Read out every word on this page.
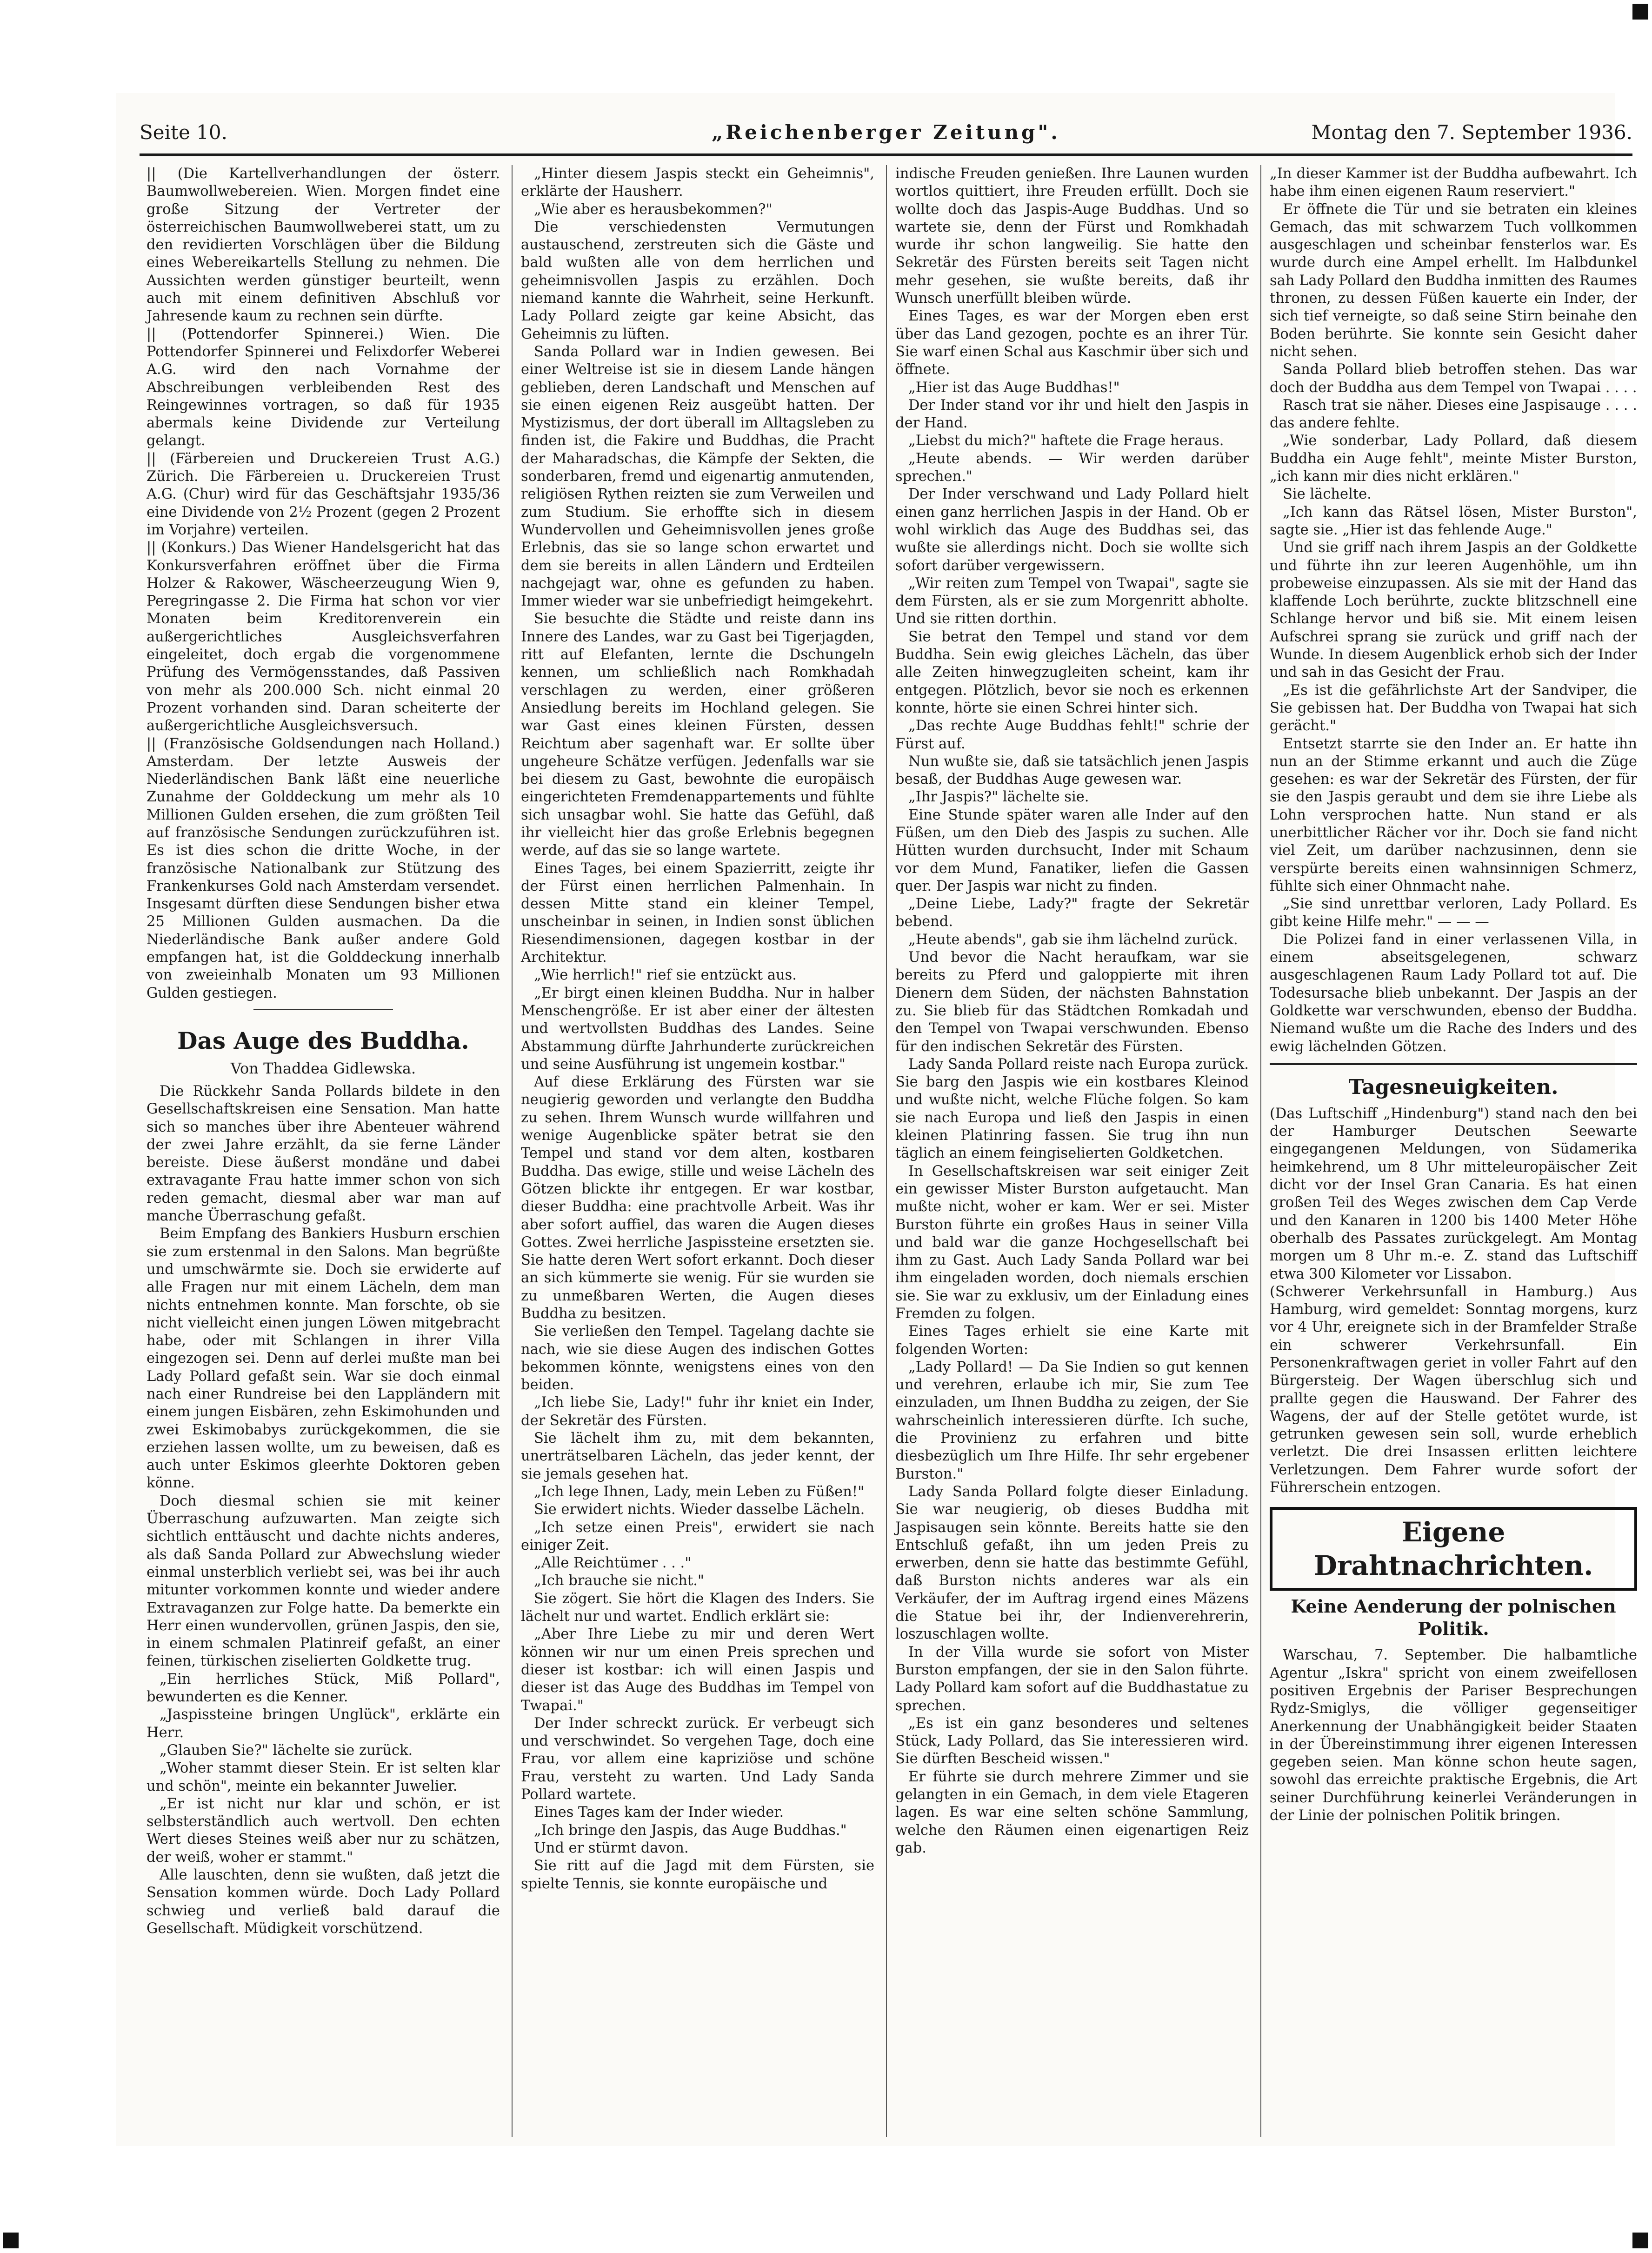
Seite 10.	„Reichenberger Zeitung".	Montag den 7. September 1936.

|| (Die Kartellverhandlungen der österr. Baumwollwebereien. Wien. Morgen findet eine große Sitzung der Vertreter der österreichischen Baumwollweberei statt, um zu den revidierten Vorschlägen über die Bildung eines Webereikartells Stellung zu nehmen. Die Aussichten werden günstiger beurteilt, wenn auch mit einem definitiven Abschluß vor Jahresende kaum zu rechnen sein dürfte.

|| (Pottendorfer Spinnerei.) Wien. Die Pottendorfer Spinnerei und Felixdorfer Weberei A.G. wird den nach Vornahme der Abschreibungen verbleibenden Rest des Reingewinnes vortragen, so daß für 1935 abermals keine Dividende zur Verteilung gelangt.

|| (Färbereien und Druckereien Trust A.G.) Zürich. Die Färbereien u. Druckereien Trust A.G. (Chur) wird für das Geschäftsjahr 1935/36 eine Dividende von 2½ Prozent (gegen 2 Prozent im Vorjahre) verteilen.

|| (Konkurs.) Das Wiener Handelsgericht hat das Konkursverfahren eröffnet über die Firma Holzer & Rakower, Wäscheerzeugung Wien 9, Peregringasse 2. Die Firma hat schon vor vier Monaten beim Kreditorenverein ein außergerichtliches Ausgleichsverfahren eingeleitet, doch ergab die vorgenommene Prüfung des Vermögensstandes, daß Passiven von mehr als 200.000 Sch. nicht einmal 20 Prozent vorhanden sind. Daran scheiterte der außergerichtliche Ausgleichsversuch.

|| (Französische Goldsendungen nach Holland.) Amsterdam. Der letzte Ausweis der Niederländischen Bank läßt eine neuerliche Zunahme der Golddeckung um mehr als 10 Millionen Gulden ersehen, die zum größten Teil auf französische Sendungen zurückzuführen ist. Es ist dies schon die dritte Woche, in der französische Nationalbank zur Stützung des Frankenkurses Gold nach Amsterdam versendet. Insgesamt dürften diese Sendungen bisher etwa 25 Millionen Gulden ausmachen. Da die Niederländische Bank außer andere Gold empfangen hat, ist die Golddeckung innerhalb von zweieinhalb Monaten um 93 Millionen Gulden gestiegen.

Das Auge des Buddha.
Von Thaddea Gidlewska.

Die Rückkehr Sanda Pollards bildete in den Gesellschaftskreisen eine Sensation. Man hatte sich so manches über ihre Abenteuer während der zwei Jahre erzählt, da sie ferne Länder bereiste. Diese äußerst mondäne und dabei extravagante Frau hatte immer schon von sich reden gemacht, diesmal aber war man auf manche Überraschung gefaßt.

Beim Empfang des Bankiers Husburn erschien sie zum erstenmal in den Salons. Man begrüßte und umschwärmte sie. Doch sie erwiderte auf alle Fragen nur mit einem Lächeln, dem man nichts entnehmen konnte. Man forschte, ob sie nicht vielleicht einen jungen Löwen mitgebracht habe, oder mit Schlangen in ihrer Villa eingezogen sei. Denn auf derlei mußte man bei Lady Pollard gefaßt sein. War sie doch einmal nach einer Rundreise bei den Lappländern mit einem jungen Eisbären, zehn Eskimohunden und zwei Eskimobabys zurückgekommen, die sie erziehen lassen wollte, um zu beweisen, daß es auch unter Eskimos gleerhte Doktoren geben könne.

Doch diesmal schien sie mit keiner Überraschung aufzuwarten. Man zeigte sich sichtlich enttäuscht und dachte nichts anderes, als daß Sanda Pollard zur Abwechslung wieder einmal unsterblich verliebt sei, was bei ihr auch mitunter vorkommen konnte und wieder andere Extravaganzen zur Folge hatte. Da bemerkte ein Herr einen wundervollen, grünen Jaspis, den sie, in einem schmalen Platinreif gefaßt, an einer feinen, türkischen ziselierten Goldkette trug.

„Ein herrliches Stück, Miß Pollard", bewunderten es die Kenner.

„Jaspissteine bringen Unglück", erklärte ein Herr.

„Glauben Sie?" lächelte sie zurück.

„Woher stammt dieser Stein. Er ist selten klar und schön", meinte ein bekannter Juwelier.

„Er ist nicht nur klar und schön, er ist selbsterständlich auch wertvoll. Den echten Wert dieses Steines weiß aber nur zu schätzen, der weiß, woher er stammt."

Alle lauschten, denn sie wußten, daß jetzt die Sensation kommen würde. Doch Lady Pollard schwieg und verließ bald darauf die Gesellschaft. Müdigkeit vorschützend.

„Hinter diesem Jaspis steckt ein Geheimnis", erklärte der Hausherr.

„Wie aber es herausbekommen?"

Die verschiedensten Vermutungen austauschend, zerstreuten sich die Gäste und bald wußten alle von dem herrlichen und geheimnisvollen Jaspis zu erzählen. Doch niemand kannte die Wahrheit, seine Herkunft. Lady Pollard zeigte gar keine Absicht, das Geheimnis zu lüften.

Sanda Pollard war in Indien gewesen. Bei einer Weltreise ist sie in diesem Lande hängen geblieben, deren Landschaft und Menschen auf sie einen eigenen Reiz ausgeübt hatten. Der Mystizismus, der dort überall im Alltagsleben zu finden ist, die Fakire und Buddhas, die Pracht der Maharadschas, die Kämpfe der Sekten, die sonderbaren, fremd und eigenartig anmutenden, religiösen Rythen reizten sie zum Verweilen und zum Studium. Sie erhoffte sich in diesem Wundervollen und Geheimnisvollen jenes große Erlebnis, das sie so lange schon erwartet und dem sie bereits in allen Ländern und Erdteilen nachgejagt war, ohne es gefunden zu haben. Immer wieder war sie unbefriedigt heimgekehrt.

Sie besuchte die Städte und reiste dann ins Innere des Landes, war zu Gast bei Tigerjagden, ritt auf Elefanten, lernte die Dschungeln kennen, um schließlich nach Romkhadah verschlagen zu werden, einer größeren Ansiedlung bereits im Hochland gelegen. Sie war Gast eines kleinen Fürsten, dessen Reichtum aber sagenhaft war. Er sollte über ungeheure Schätze verfügen. Jedenfalls war sie bei diesem zu Gast, bewohnte die europäisch eingerichteten Fremdenappartements und fühlte sich unsagbar wohl. Sie hatte das Gefühl, daß ihr vielleicht hier das große Erlebnis begegnen werde, auf das sie so lange wartete.

Eines Tages, bei einem Spazierritt, zeigte ihr der Fürst einen herrlichen Palmenhain. In dessen Mitte stand ein kleiner Tempel, unscheinbar in seinen, in Indien sonst üblichen Riesendimensionen, dagegen kostbar in der Architektur.

„Wie herrlich!" rief sie entzückt aus.

„Er birgt einen kleinen Buddha. Nur in halber Menschengröße. Er ist aber einer der ältesten und wertvollsten Buddhas des Landes. Seine Abstammung dürfte Jahrhunderte zurückreichen und seine Ausführung ist ungemein kostbar."

Auf diese Erklärung des Fürsten war sie neugierig geworden und verlangte den Buddha zu sehen. Ihrem Wunsch wurde willfahren und wenige Augenblicke später betrat sie den Tempel und stand vor dem alten, kostbaren Buddha. Das ewige, stille und weise Lächeln des Götzen blickte ihr entgegen. Er war kostbar, dieser Buddha: eine prachtvolle Arbeit. Was ihr aber sofort auffiel, das waren die Augen dieses Gottes. Zwei herrliche Jaspissteine ersetzten sie. Sie hatte deren Wert sofort erkannt. Doch dieser an sich kümmerte sie wenig. Für sie wurden sie zu unmeßbaren Werten, die Augen dieses Buddha zu besitzen.

Sie verließen den Tempel. Tagelang dachte sie nach, wie sie diese Augen des indischen Gottes bekommen könnte, wenigstens eines von den beiden.

„Ich liebe Sie, Lady!" fuhr ihr kniet ein Inder, der Sekretär des Fürsten.

Sie lächelt ihm zu, mit dem bekannten, unerträtselbaren Lächeln, das jeder kennt, der sie jemals gesehen hat.

„Ich lege Ihnen, Lady, mein Leben zu Füßen!"

Sie erwidert nichts. Wieder dasselbe Lächeln.

„Ich setze einen Preis", erwidert sie nach einiger Zeit.

„Alle Reichtümer . . ."

„Ich brauche sie nicht."

Sie zögert. Sie hört die Klagen des Inders. Sie lächelt nur und wartet. Endlich erklärt sie:

„Aber Ihre Liebe zu mir und deren Wert können wir nur um einen Preis sprechen und dieser ist kostbar: ich will einen Jaspis und dieser ist das Auge des Buddhas im Tempel von Twapai."

Der Inder schreckt zurück. Er verbeugt sich und verschwindet. So vergehen Tage, doch eine Frau, vor allem eine kapriziöse und schöne Frau, versteht zu warten. Und Lady Sanda Pollard wartete.

Eines Tages kam der Inder wieder.

„Ich bringe den Jaspis, das Auge Buddhas."

Und er stürmt davon.

Sie ritt auf die Jagd mit dem Fürsten, sie spielte Tennis, sie konnte europäische und

indische Freuden genießen. Ihre Launen wurden wortlos quittiert, ihre Freuden erfüllt. Doch sie wollte doch das Jaspis-Auge Buddhas. Und so wartete sie, denn der Fürst und Romkhadah wurde ihr schon langweilig. Sie hatte den Sekretär des Fürsten bereits seit Tagen nicht mehr gesehen, sie wußte bereits, daß ihr Wunsch unerfüllt bleiben würde.

Eines Tages, es war der Morgen eben erst über das Land gezogen, pochte es an ihrer Tür. Sie warf einen Schal aus Kaschmir über sich und öffnete.

„Hier ist das Auge Buddhas!"

Der Inder stand vor ihr und hielt den Jaspis in der Hand.

„Liebst du mich?" haftete die Frage heraus.

„Heute abends. — Wir werden darüber sprechen."

Der Inder verschwand und Lady Pollard hielt einen ganz herrlichen Jaspis in der Hand. Ob er wohl wirklich das Auge des Buddhas sei, das wußte sie allerdings nicht. Doch sie wollte sich sofort darüber vergewissern.

„Wir reiten zum Tempel von Twapai", sagte sie dem Fürsten, als er sie zum Morgenritt abholte. Und sie ritten dorthin.

Sie betrat den Tempel und stand vor dem Buddha. Sein ewig gleiches Lächeln, das über alle Zeiten hinwegzugleiten scheint, kam ihr entgegen. Plötzlich, bevor sie noch es erkennen konnte, hörte sie einen Schrei hinter sich.

„Das rechte Auge Buddhas fehlt!" schrie der Fürst auf.

Nun wußte sie, daß sie tatsächlich jenen Jaspis besaß, der Buddhas Auge gewesen war.

„Ihr Jaspis?" lächelte sie.

Eine Stunde später waren alle Inder auf den Füßen, um den Dieb des Jaspis zu suchen. Alle Hütten wurden durchsucht, Inder mit Schaum vor dem Mund, Fanatiker, liefen die Gassen quer. Der Jaspis war nicht zu finden.

„Deine Liebe, Lady?" fragte der Sekretär bebend.

„Heute abends", gab sie ihm lächelnd zurück.

Und bevor die Nacht heraufkam, war sie bereits zu Pferd und galoppierte mit ihren Dienern dem Süden, der nächsten Bahnstation zu. Sie blieb für das Städtchen Romkadah und den Tempel von Twapai verschwunden. Ebenso für den indischen Sekretär des Fürsten.

Lady Sanda Pollard reiste nach Europa zurück. Sie barg den Jaspis wie ein kostbares Kleinod und wußte nicht, welche Flüche folgen. So kam sie nach Europa und ließ den Jaspis in einen kleinen Platinring fassen. Sie trug ihn nun täglich an einem feingiselierten Goldketchen.

In Gesellschaftskreisen war seit einiger Zeit ein gewisser Mister Burston aufgetaucht. Man mußte nicht, woher er kam. Wer er sei. Mister Burston führte ein großes Haus in seiner Villa und bald war die ganze Hochgesellschaft bei ihm zu Gast. Auch Lady Sanda Pollard war bei ihm eingeladen worden, doch niemals erschien sie. Sie war zu exklusiv, um der Einladung eines Fremden zu folgen.

Eines Tages erhielt sie eine Karte mit folgenden Worten:

„Lady Pollard! — Da Sie Indien so gut kennen und verehren, erlaube ich mir, Sie zum Tee einzuladen, um Ihnen Buddha zu zeigen, der Sie wahrscheinlich interessieren dürfte. Ich suche, die Provinienz zu erfahren und bitte diesbezüglich um Ihre Hilfe. Ihr sehr ergebener Burston."

Lady Sanda Pollard folgte dieser Einladung. Sie war neugierig, ob dieses Buddha mit Jaspisaugen sein könnte. Bereits hatte sie den Entschluß gefaßt, ihn um jeden Preis zu erwerben, denn sie hatte das bestimmte Gefühl, daß Burston nichts anderes war als ein Verkäufer, der im Auftrag irgend eines Mäzens die Statue bei ihr, der Indienverehrerin, loszuschlagen wollte.

In der Villa wurde sie sofort von Mister Burston empfangen, der sie in den Salon führte. Lady Pollard kam sofort auf die Buddhastatue zu sprechen.

„Es ist ein ganz besonderes und seltenes Stück, Lady Pollard, das Sie interessieren wird. Sie dürften Bescheid wissen."

Er führte sie durch mehrere Zimmer und sie gelangten in ein Gemach, in dem viele Etageren lagen. Es war eine selten schöne Sammlung, welche den Räumen einen eigenartigen Reiz gab.

„In dieser Kammer ist der Buddha aufbewahrt. Ich habe ihm einen eigenen Raum reserviert."

Er öffnete die Tür und sie betraten ein kleines Gemach, das mit schwarzem Tuch vollkommen ausgeschlagen und scheinbar fensterlos war. Es wurde durch eine Ampel erhellt. Im Halbdunkel sah Lady Pollard den Buddha inmitten des Raumes thronen, zu dessen Füßen kauerte ein Inder, der sich tief verneigte, so daß seine Stirn beinahe den Boden berührte. Sie konnte sein Gesicht daher nicht sehen.

Sanda Pollard blieb betroffen stehen. Das war doch der Buddha aus dem Tempel von Twapai . . . .

Rasch trat sie näher. Dieses eine Jaspisauge . . . . das andere fehlte.

„Wie sonderbar, Lady Pollard, daß diesem Buddha ein Auge fehlt", meinte Mister Burston, „ich kann mir dies nicht erklären."

Sie lächelte.

„Ich kann das Rätsel lösen, Mister Burston", sagte sie. „Hier ist das fehlende Auge."

Und sie griff nach ihrem Jaspis an der Goldkette und führte ihn zur leeren Augenhöhle, um ihn probeweise einzupassen. Als sie mit der Hand das klaffende Loch berührte, zuckte blitzschnell eine Schlange hervor und biß sie. Mit einem leisen Aufschrei sprang sie zurück und griff nach der Wunde. In diesem Augenblick erhob sich der Inder und sah in das Gesicht der Frau.

„Es ist die gefährlichste Art der Sandviper, die Sie gebissen hat. Der Buddha von Twapai hat sich gerächt."

Entsetzt starrte sie den Inder an. Er hatte ihn nun an der Stimme erkannt und auch die Züge gesehen: es war der Sekretär des Fürsten, der für sie den Jaspis geraubt und dem sie ihre Liebe als Lohn versprochen hatte. Nun stand er als unerbittlicher Rächer vor ihr. Doch sie fand nicht viel Zeit, um darüber nachzusinnen, denn sie verspürte bereits einen wahnsinnigen Schmerz, fühlte sich einer Ohnmacht nahe.

„Sie sind unrettbar verloren, Lady Pollard. Es gibt keine Hilfe mehr." — — —

Die Polizei fand in einer verlassenen Villa, in einem abseitsgelegenen, schwarz ausgeschlagenen Raum Lady Pollard tot auf. Die Todesursache blieb unbekannt. Der Jaspis an der Goldkette war verschwunden, ebenso der Buddha. Niemand wußte um die Rache des Inders und des ewig lächelnden Götzen.

Tagesneuigkeiten.

(Das Luftschiff „Hindenburg") stand nach den bei der Hamburger Deutschen Seewarte eingegangenen Meldungen, von Südamerika heimkehrend, um 8 Uhr mitteleuropäischer Zeit dicht vor der Insel Gran Canaria. Es hat einen großen Teil des Weges zwischen dem Cap Verde und den Kanaren in 1200 bis 1400 Meter Höhe oberhalb des Passates zurückgelegt. Am Montag morgen um 8 Uhr m.-e. Z. stand das Luftschiff etwa 300 Kilometer vor Lissabon.

(Schwerer Verkehrsunfall in Hamburg.) Aus Hamburg, wird gemeldet: Sonntag morgens, kurz vor 4 Uhr, ereignete sich in der Bramfelder Straße ein schwerer Verkehrsunfall. Ein Personenkraftwagen geriet in voller Fahrt auf den Bürgersteig. Der Wagen überschlug sich und prallte gegen die Hauswand. Der Fahrer des Wagens, der auf der Stelle getötet wurde, ist getrunken gewesen sein soll, wurde erheblich verletzt. Die drei Insassen erlitten leichtere Verletzungen. Dem Fahrer wurde sofort der Führerschein entzogen.

Eigene Drahtnachrichten.
Keine Aenderung der polnischen Politik.

Warschau, 7. September. Die halbamtliche Agentur „Iskra" spricht von einem zweifellosen positiven Ergebnis der Pariser Besprechungen Rydz-Smiglys, die völliger gegenseitiger Anerkennung der Unabhängigkeit beider Staaten in der Übereinstimmung ihrer eigenen Interessen gegeben seien. Man könne schon heute sagen, sowohl das erreichte praktische Ergebnis, die Art seiner Durchführung keinerlei Veränderungen in der Linie der polnischen Politik bringen.
